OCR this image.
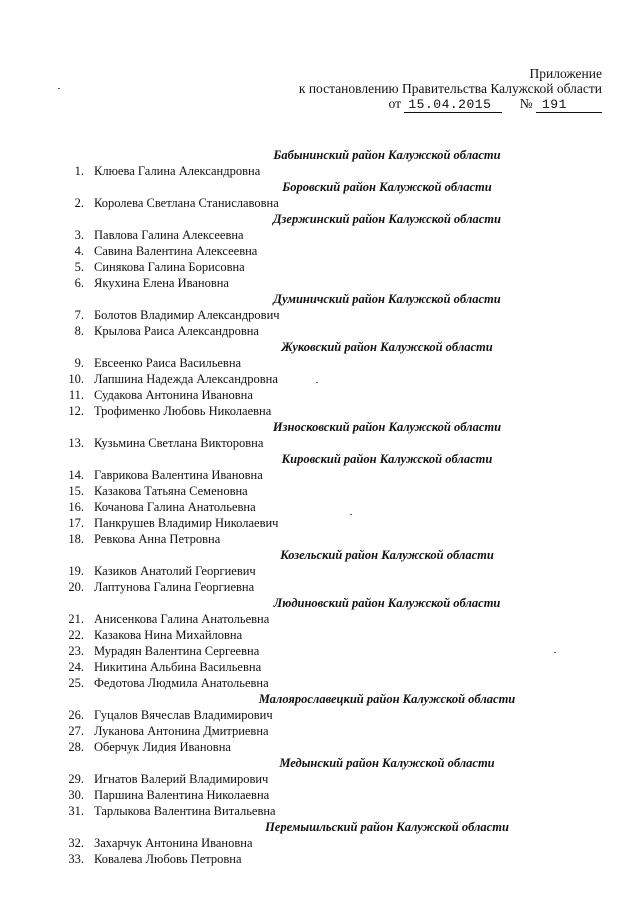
Приложение
к постановлению Правительства Калужской области
от 15.04.2015 № 191
Бабынинский район Калужской области
1. Клюева Галина Александровна
Боровский район Калужской области
2. Королева Светлана Станиславовна
Дзержинский район Калужской области
3. Павлова Галина Алексеевна
4. Савина Валентина Алексеевна
5. Синякова Галина Борисовна
6. Якухина Елена Ивановна
Думиничский район Калужской области
7. Болотов Владимир Александрович
8. Крылова Раиса Александровна
Жуковский район Калужской области
9. Евсеенко Раиса Васильевна
10. Лапшина Надежда Александровна
11. Судакова Антонина Ивановна
12. Трофименко Любовь Николаевна
Износковский район Калужской области
13. Кузьмина Светлана Викторовна
Кировский район Калужской области
14. Гаврикова Валентина Ивановна
15. Казакова Татьяна Семеновна
16. Кочанова Галина Анатольевна
17. Панкрушев Владимир Николаевич
18. Ревкова Анна Петровна
Козельский район Калужской области
19. Казиков Анатолий Георгиевич
20. Лаптунова Галина Георгиевна
Людиновский район Калужской области
21. Анисенкова Галина Анатольевна
22. Казакова Нина Михайловна
23. Мурадян Валентина Сергеевна
24. Никитина Альбина Васильевна
25. Федотова Людмила Анатольевна
Малоярославецкий район Калужской области
26. Гуцалов Вячеслав Владимирович
27. Луканова Антонина Дмитриевна
28. Оберчук Лидия Ивановна
Медынский район Калужской области
29. Игнатов Валерий Владимирович
30. Паршина Валентина Николаевна
31. Тарлыкова Валентина Витальевна
Перемышльский район Калужской области
32. Захарчук Антонина Ивановна
33. Ковалева Любовь Петровна
